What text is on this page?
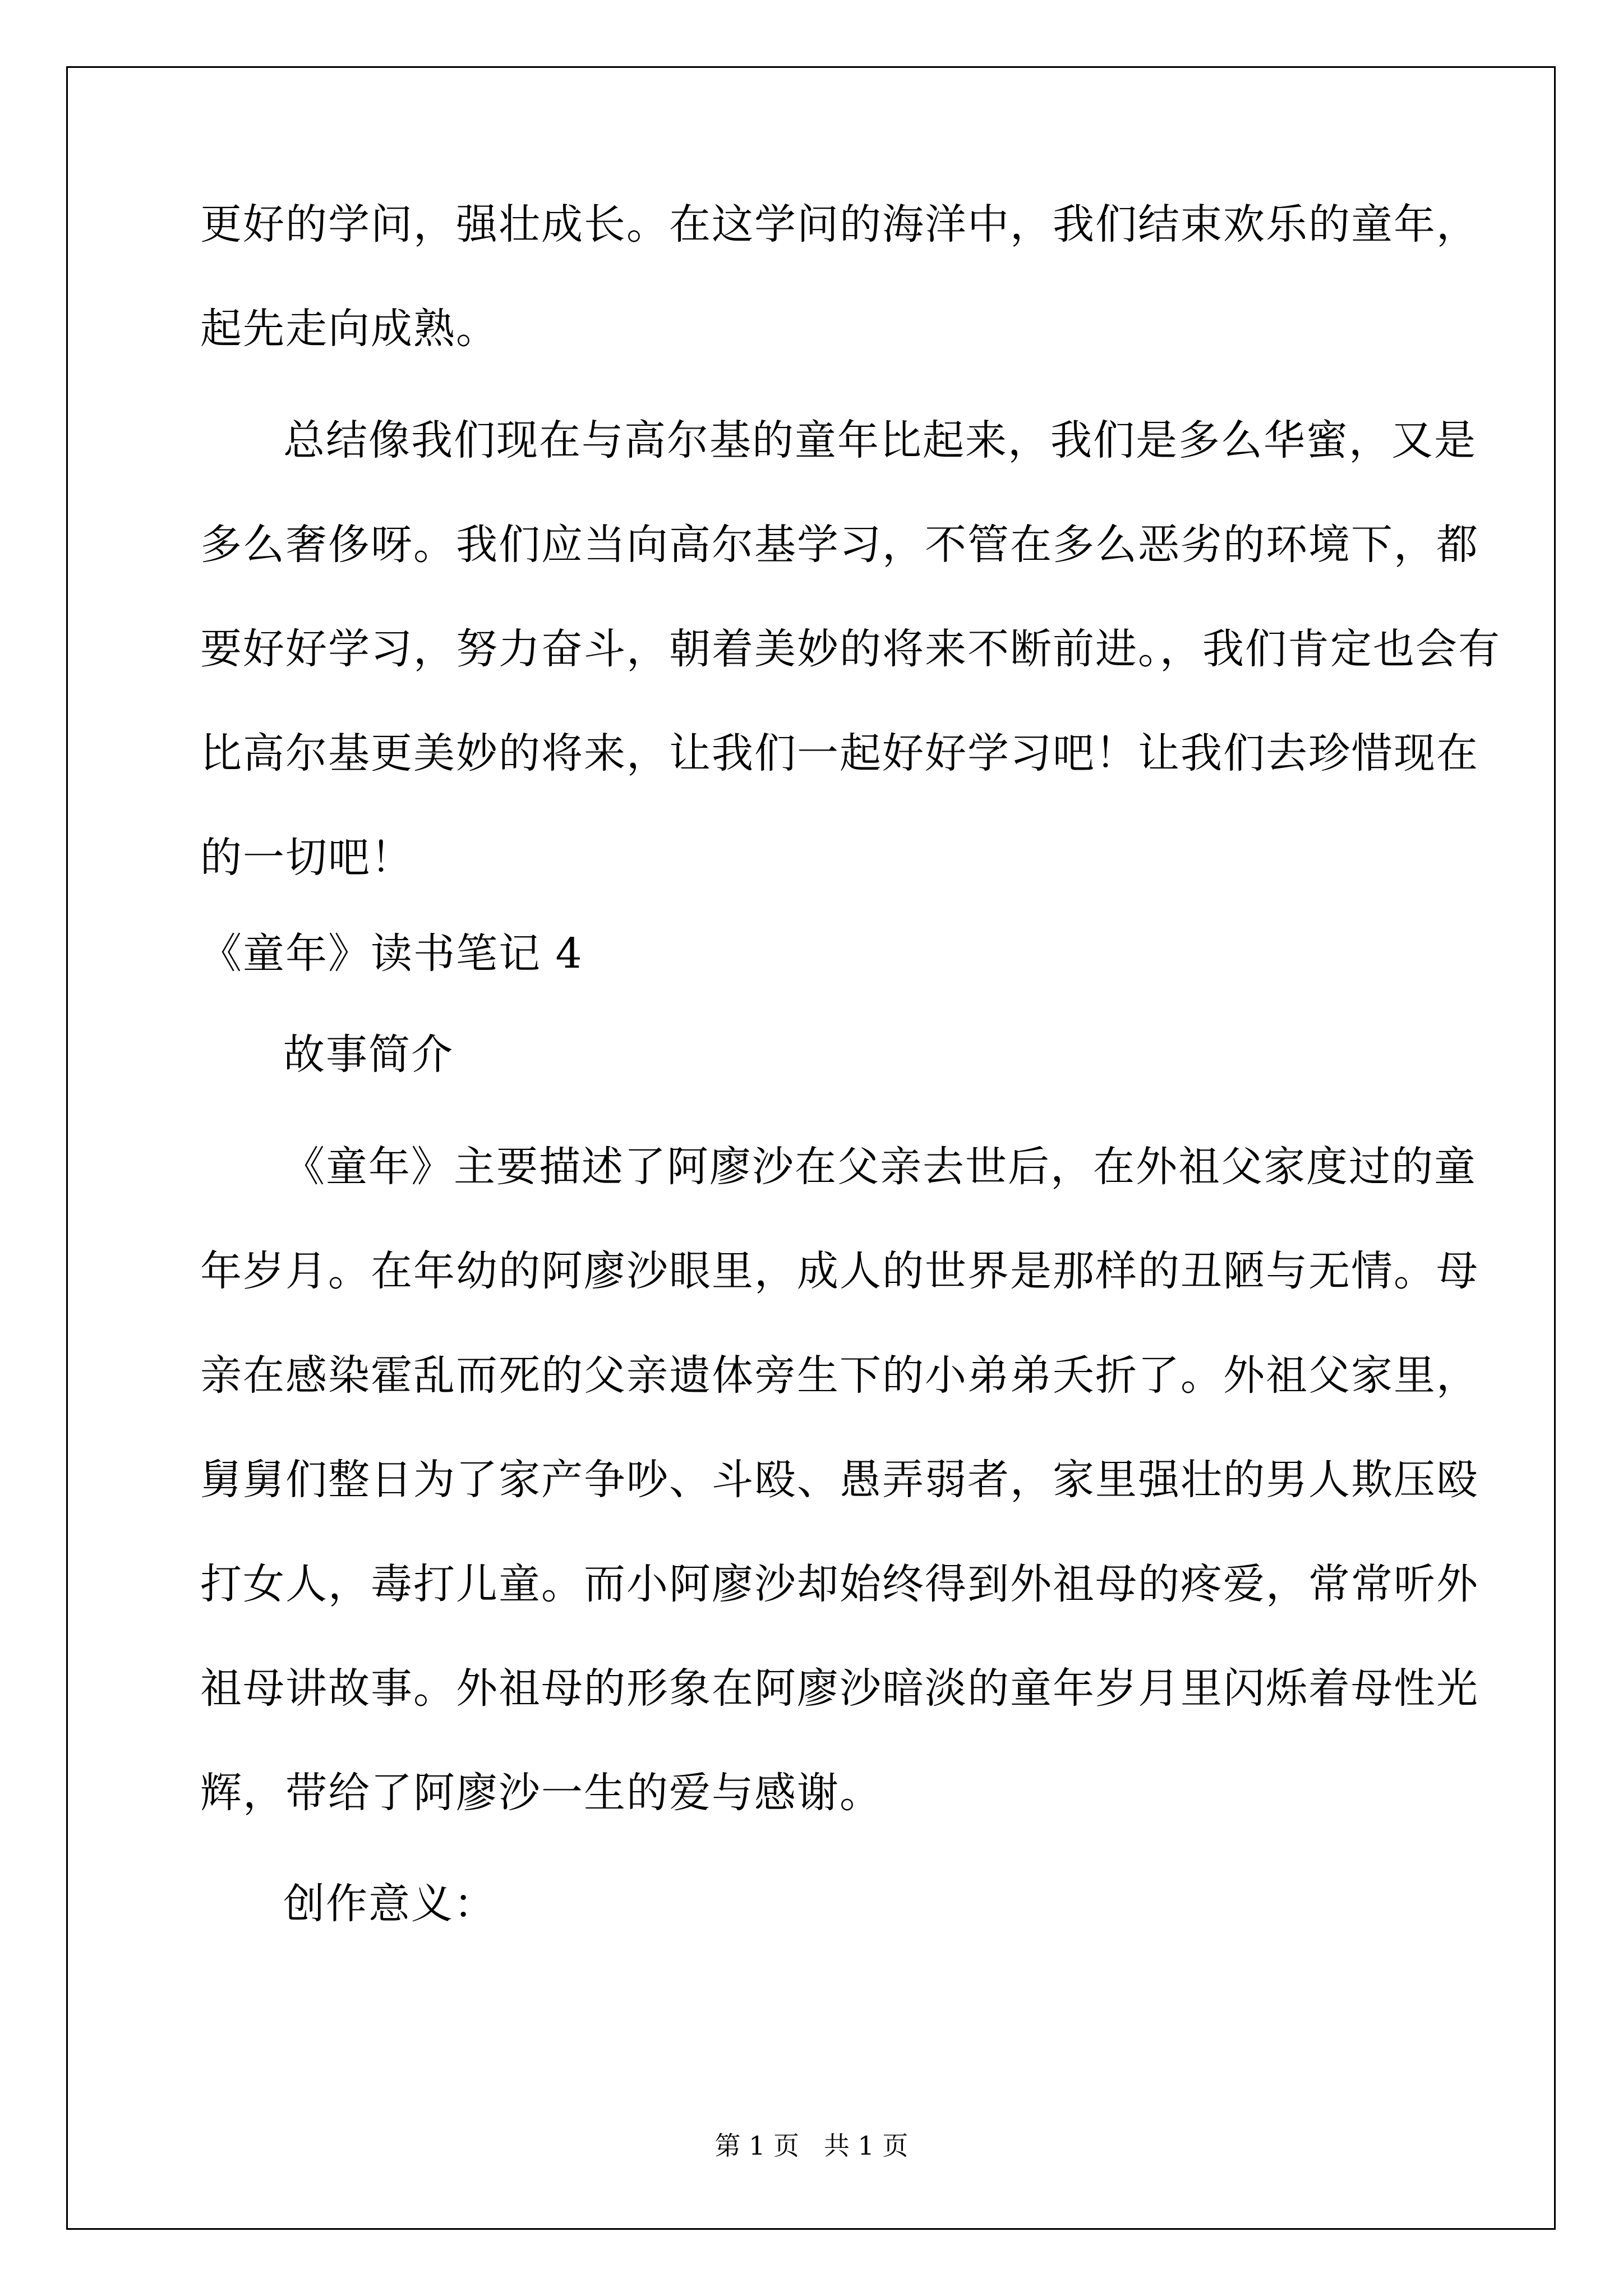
更好的学问，强壮成长。在这学问的海洋中，我们结束欢乐的童年，
起先走向成熟。
总结像我们现在与高尔基的童年比起来，我们是多么华蜜，又是
多么奢侈呀。我们应当向高尔基学习，不管在多么恶劣的环境下，都
要好好学习，努力奋斗，朝着美妙的将来不断前进。，我们肯定也会有
比高尔基更美妙的将来，让我们一起好好学习吧！让我们去珍惜现在
的一切吧！
《童年》读书笔记 4
故事简介
《童年》主要描述了阿廖沙在父亲去世后，在外祖父家度过的童
年岁月。在年幼的阿廖沙眼里，成人的世界是那样的丑陋与无情。母
亲在感染霍乱而死的父亲遗体旁生下的小弟弟夭折了。外祖父家里，
舅舅们整日为了家产争吵、斗殴、愚弄弱者，家里强壮的男人欺压殴
打女人，毒打儿童。而小阿廖沙却始终得到外祖母的疼爱，常常听外
祖母讲故事。外祖母的形象在阿廖沙暗淡的童年岁月里闪烁着母性光
辉，带给了阿廖沙一生的爱与感谢。
创作意义：
第 1 页   共 1 页
